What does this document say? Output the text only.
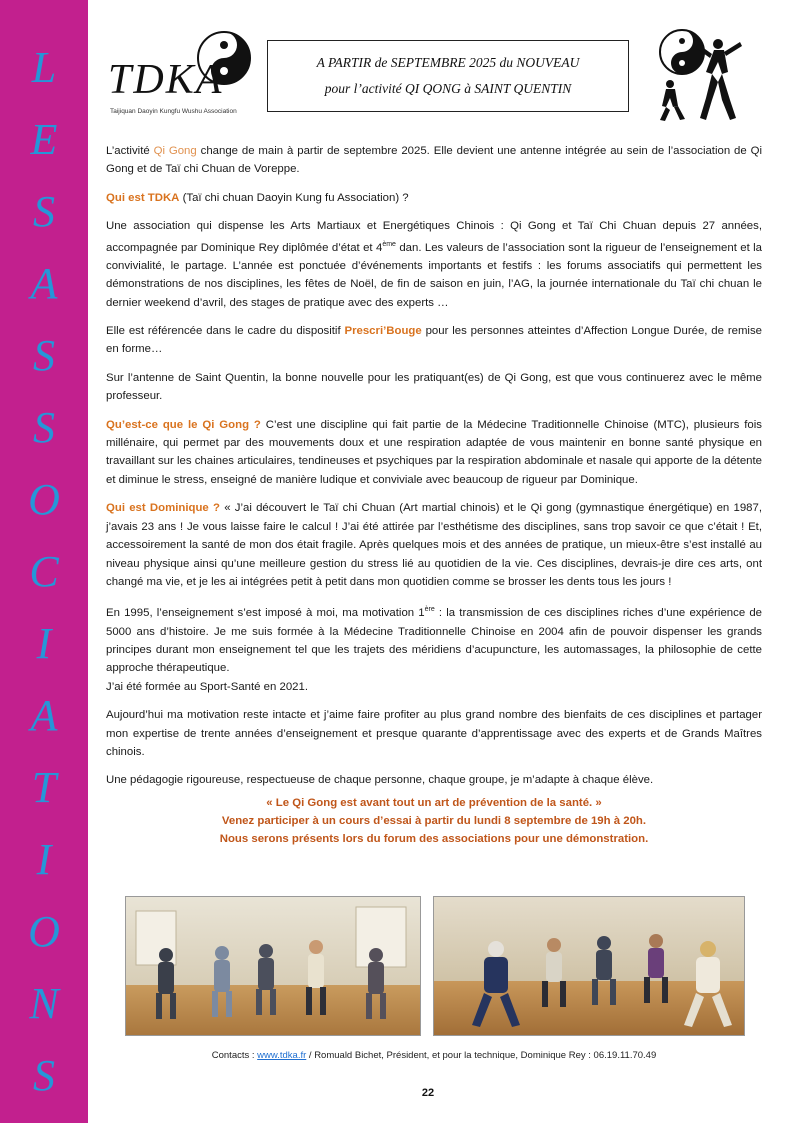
L
E
S
A
S
S
O
C
I
A
T
I
O
N
S
TDKA
Taijiquan Daoyin Kungfu Wushu Association
A PARTIR de SEPTEMBRE 2025 du NOUVEAU
pour l’activité QI QONG à SAINT QUENTIN

L’activité Qi Gong change de main à partir de septembre 2025. Elle devient une antenne intégrée au sein de l’association de Qi Gong et de Taï chi Chuan de Voreppe.

Qui est TDKA (Taï chi chuan Daoyin Kung fu Association) ?

Une association qui dispense les Arts Martiaux et Energétiques Chinois : Qi Gong et Taï Chi Chuan depuis 27 années, accompagnée par Dominique Rey diplômée d’état et 4ème dan. Les valeurs de l’association sont la rigueur de l’enseignement et la convivialité, le partage. L’année est ponctuée d’événements importants et festifs : les forums associatifs qui permettent les démonstrations de nos disciplines, les fêtes de Noël, de fin de saison en juin, l’AG, la journée internationale du Taï chi chuan le dernier weekend d’avril, des stages de pratique avec des experts …

Elle est référencée dans le cadre du dispositif Prescri’Bouge pour les personnes atteintes d’Affection Longue Durée, de remise en forme…

Sur l’antenne de Saint Quentin, la bonne nouvelle pour les pratiquant(es) de Qi Gong, est que vous continuerez avec le même professeur.

Qu’est-ce que le Qi Gong ? C’est une discipline qui fait partie de la Médecine Traditionnelle Chinoise (MTC), plusieurs fois millénaire, qui permet par des mouvements doux et une respiration adaptée de vous maintenir en bonne santé physique en travaillant sur les chaines articulaires, tendineuses et psychiques par la respiration abdominale et nasale qui apporte de la détente et diminue le stress, enseigné de manière ludique et conviviale avec beaucoup de rigueur par Dominique.

Qui est Dominique ? « J’ai découvert le Taï chi Chuan (Art martial chinois) et le Qi gong (gymnastique énergétique) en 1987, j’avais 23 ans ! Je vous laisse faire le calcul ! J’ai été attirée par l’esthétisme des disciplines, sans trop savoir ce que c’était ! Et, accessoirement la santé de mon dos était fragile. Après quelques mois et des années de pratique, un mieux-être s’est installé au niveau physique ainsi qu’une meilleure gestion du stress lié au quotidien de la vie. Ces disciplines, devrais-je dire ces arts, ont changé ma vie, et je les ai intégrées petit à petit dans mon quotidien comme se brosser les dents tous les jours !

En 1995, l’enseignement s’est imposé à moi, ma motivation 1ère : la transmission de ces disciplines riches d’une expérience de 5000 ans d’histoire. Je me suis formée à la Médecine Traditionnelle Chinoise en 2004 afin de pouvoir dispenser les grands principes durant mon enseignement tel que les trajets des méridiens d’acupuncture, les automassages, la philosophie de cette approche thérapeutique.

J’ai été formée au Sport-Santé en 2021.

Aujourd’hui ma motivation reste intacte et j’aime faire profiter au plus grand nombre des bienfaits de ces disciplines et partager mon expertise de trente années d’enseignement et presque quarante d’apprentissage avec des experts et de Grands Maîtres chinois.

Une pédagogie rigoureuse, respectueuse de chaque personne, chaque groupe, je m’adapte à chaque élève.

« Le Qi Gong est avant tout un art de prévention de la santé. »

Venez participer à un cours d’essai à partir du lundi 8 septembre de 19h à 20h.

Nous serons présents lors du forum des associations pour une démonstration.

Contacts : www.tdka.fr / Romuald Bichet, Président, et pour la technique, Dominique Rey : 06.19.11.70.49
22
